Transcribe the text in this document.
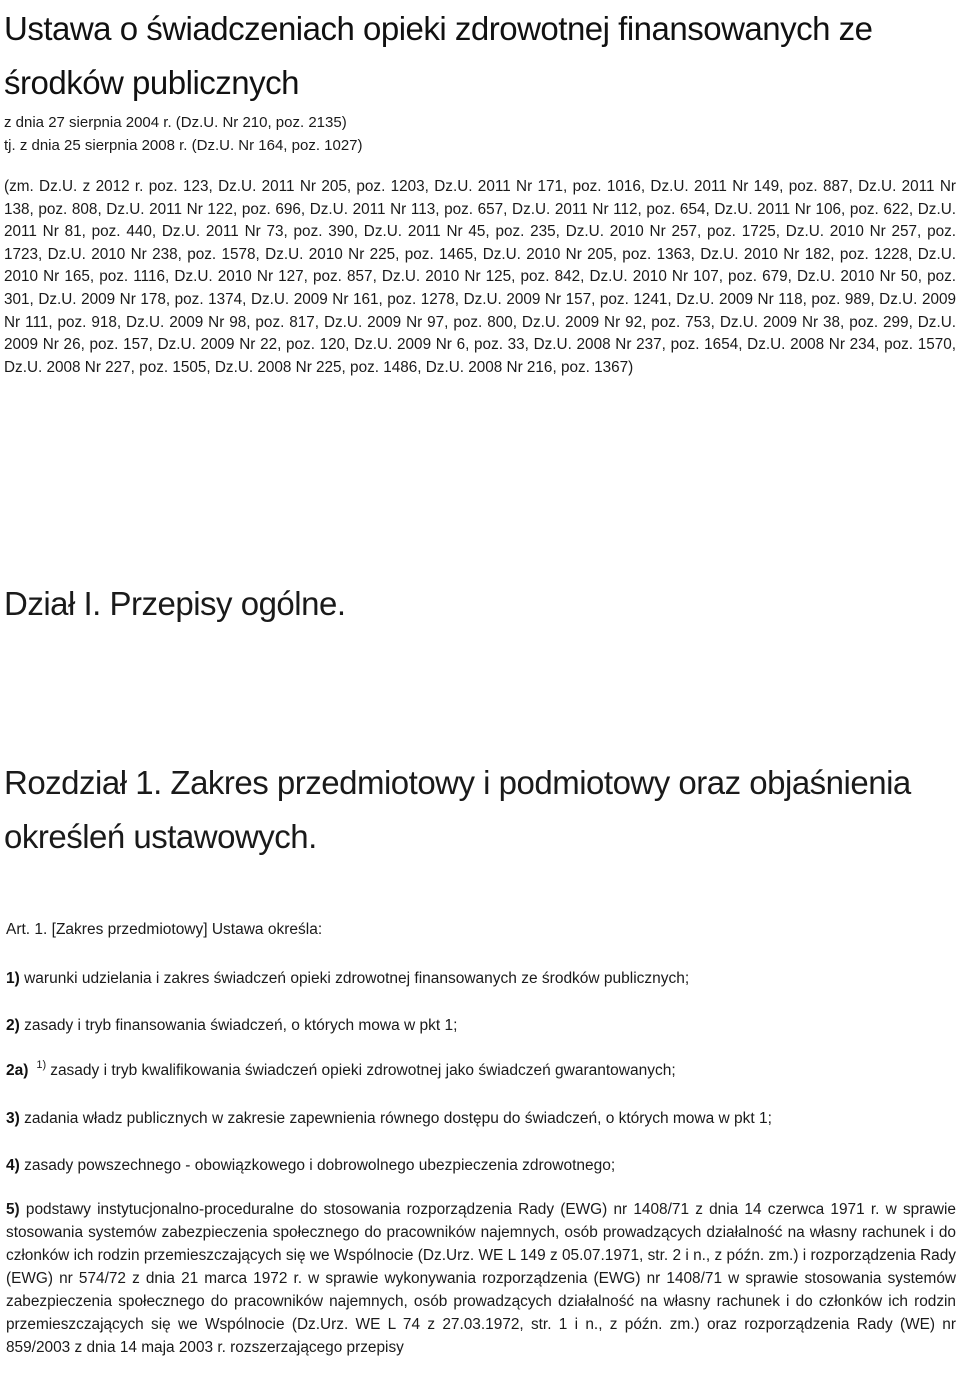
Ustawa o świadczeniach opieki zdrowotnej finansowanych ze środków publicznych
z dnia 27 sierpnia 2004 r. (Dz.U. Nr 210, poz. 2135)
tj. z dnia 25 sierpnia 2008 r. (Dz.U. Nr 164, poz. 1027)

(zm. Dz.U. z 2012 r. poz. 123, Dz.U. 2011 Nr 205, poz. 1203, Dz.U. 2011 Nr 171, poz. 1016, Dz.U. 2011 Nr 149, poz. 887, Dz.U. 2011 Nr 138, poz. 808, Dz.U. 2011 Nr 122, poz. 696, Dz.U. 2011 Nr 113, poz. 657, Dz.U. 2011 Nr 112, poz. 654, Dz.U. 2011 Nr 106, poz. 622, Dz.U. 2011 Nr 81, poz. 440, Dz.U. 2011 Nr 73, poz. 390, Dz.U. 2011 Nr 45, poz. 235, Dz.U. 2010 Nr 257, poz. 1725, Dz.U. 2010 Nr 257, poz. 1723, Dz.U. 2010 Nr 238, poz. 1578, Dz.U. 2010 Nr 225, poz. 1465, Dz.U. 2010 Nr 205, poz. 1363, Dz.U. 2010 Nr 182, poz. 1228, Dz.U. 2010 Nr 165, poz. 1116, Dz.U. 2010 Nr 127, poz. 857, Dz.U. 2010 Nr 125, poz. 842, Dz.U. 2010 Nr 107, poz. 679, Dz.U. 2010 Nr 50, poz. 301, Dz.U. 2009 Nr 178, poz. 1374, Dz.U. 2009 Nr 161, poz. 1278, Dz.U. 2009 Nr 157, poz. 1241, Dz.U. 2009 Nr 118, poz. 989, Dz.U. 2009 Nr 111, poz. 918, Dz.U. 2009 Nr 98, poz. 817, Dz.U. 2009 Nr 97, poz. 800, Dz.U. 2009 Nr 92, poz. 753, Dz.U. 2009 Nr 38, poz. 299, Dz.U. 2009 Nr 26, poz. 157, Dz.U. 2009 Nr 22, poz. 120, Dz.U. 2009 Nr 6, poz. 33, Dz.U. 2008 Nr 237, poz. 1654, Dz.U. 2008 Nr 234, poz. 1570, Dz.U. 2008 Nr 227, poz. 1505, Dz.U. 2008 Nr 225, poz. 1486, Dz.U. 2008 Nr 216, poz. 1367)

Dział I. Przepisy ogólne.
Rozdział 1. Zakres przedmiotowy i podmiotowy oraz objaśnienia określeń ustawowych.
Art. 1. [Zakres przedmiotowy] Ustawa określa:
1) warunki udzielania i zakres świadczeń opieki zdrowotnej finansowanych ze środków publicznych;
2) zasady i tryb finansowania świadczeń, o których mowa w pkt 1;
2a) $^{1)}$ zasady i tryb kwalifikowania świadczeń opieki zdrowotnej jako świadczeń gwarantowanych;
3) zadania władz publicznych w zakresie zapewnienia równego dostępu do świadczeń, o których mowa w pkt 1;
4) zasady powszechnego - obowiązkowego i dobrowolnego ubezpieczenia zdrowotnego;

5) podstawy instytucjonalno-proceduralne do stosowania rozporządzenia Rady (EWG) nr 1408/71 z dnia 14 czerwca 1971 r. w sprawie stosowania systemów zabezpieczenia społecznego do pracowników najemnych, osób prowadzących działalność na własny rachunek i do członków ich rodzin przemieszczających się we Wspólnocie (Dz.Urz. WE L 149 z 05.07.1971, str. 2 i n., z późn. zm.) i rozporządzenia Rady (EWG) nr 574/72 z dnia 21 marca 1972 r. w sprawie wykonywania rozporządzenia (EWG) nr 1408/71 w sprawie stosowania systemów zabezpieczenia społecznego do pracowników najemnych, osób prowadzących działalność na własny rachunek i do członków ich rodzin przemieszczających się we Wspólnocie (Dz.Urz. WE L 74 z 27.03.1972, str. 1 i n., z późn. zm.) oraz rozporządzenia Rady (WE) nr 859/2003 z dnia 14 maja 2003 r. rozszerzającego przepisy
